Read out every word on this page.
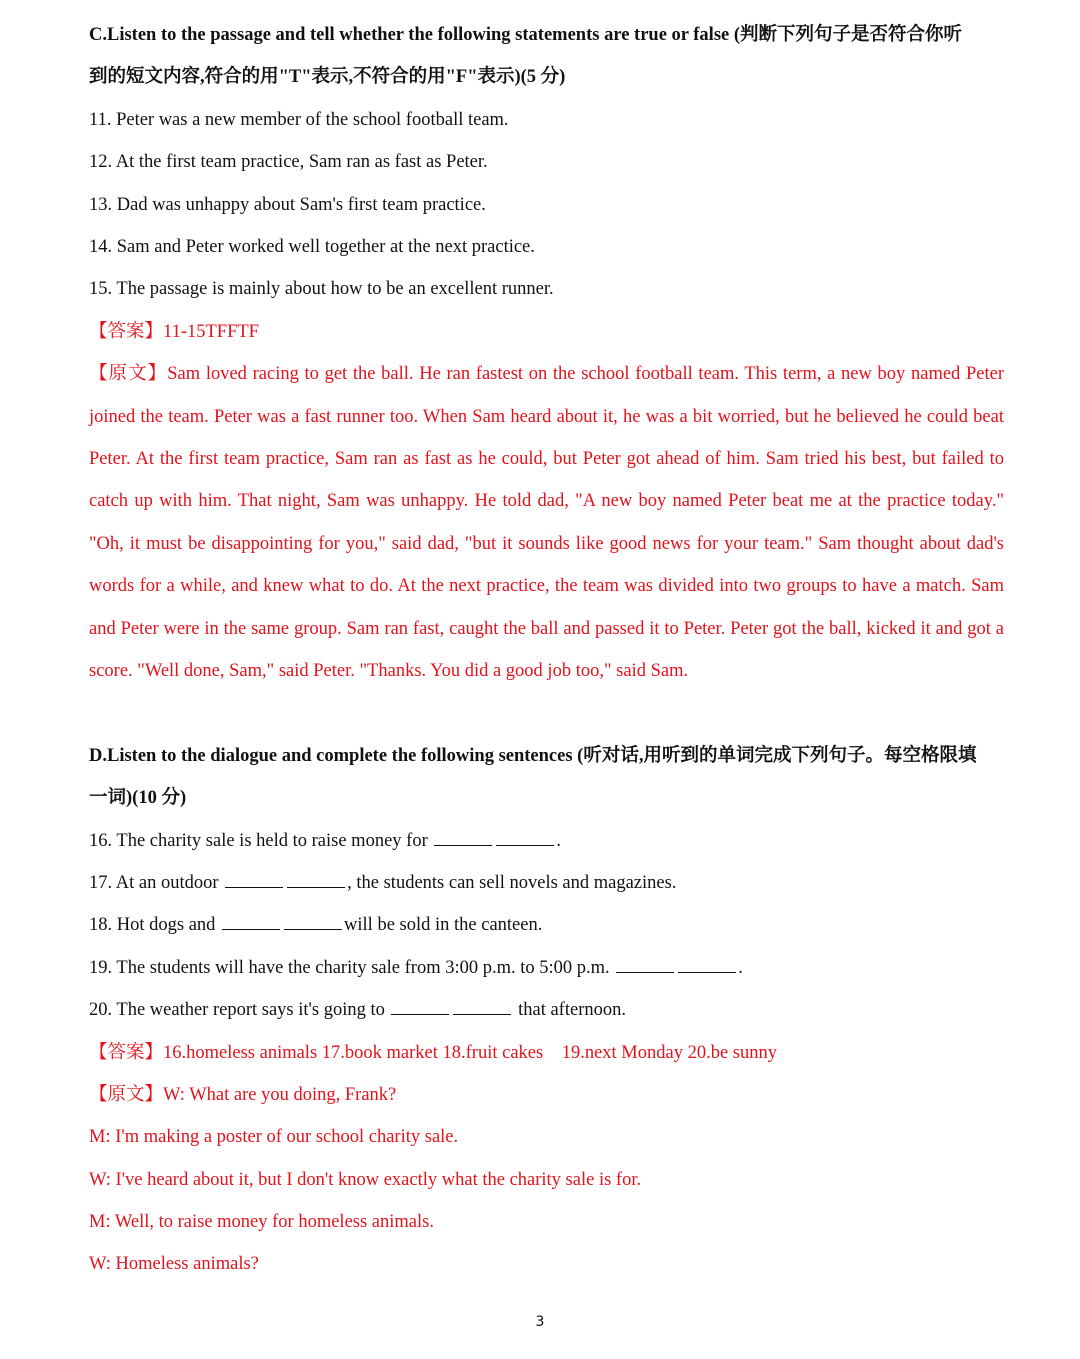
C.Listen to the passage and tell whether the following statements are true or false (判断下列句子是否符合你听
到的短文内容,符合的用"T"表示,不符合的用"F"表示)(5 分)
11. Peter was a new member of the school football team.
12. At the first team practice, Sam ran as fast as Peter.
13. Dad was unhappy about Sam's first team practice.
14. Sam and Peter worked well together at the next practice.
15. The passage is mainly about how to be an excellent runner.
【答案】11-15TFFTF
【原文】Sam loved racing to get the ball. He ran fastest on the school football team. This term, a new boy named Peter joined the team. Peter was a fast runner too. When Sam heard about it, he was a bit worried, but he believed he could beat Peter. At the first team practice, Sam ran as fast as he could, but Peter got ahead of him. Sam tried his best, but failed to catch up with him. That night, Sam was unhappy. He told dad, "A new boy named Peter beat me at the practice today." "Oh, it must be disappointing for you," said dad, "but it sounds like good news for your team." Sam thought about dad's words for a while, and knew what to do. At the next practice, the team was divided into two groups to have a match. Sam and Peter were in the same group. Sam ran fast, caught the ball and passed it to Peter. Peter got the ball, kicked it and got a score. "Well done, Sam," said Peter. "Thanks. You did a good job too," said Sam.
D.Listen to the dialogue and complete the following sentences (听对话,用听到的单词完成下列句子。每空格限填
一词)(10 分)
16. The charity sale is held to raise money for	.
17. At an outdoor	, the students can sell novels and magazines.
18. Hot dogs and	will be sold in the canteen.
19. The students will have the charity sale from 3:00 p.m. to 5:00 p.m.	.
20. The weather report says it's going to	that afternoon.
【答案】16.homeless animals 17.book market 18.fruit cakes    19.next Monday 20.be sunny
【原文】W: What are you doing, Frank?
M: I'm making a poster of our school charity sale.
W: I've heard about it, but I don't know exactly what the charity sale is for.
M: Well, to raise money for homeless animals.
W: Homeless animals?
3
